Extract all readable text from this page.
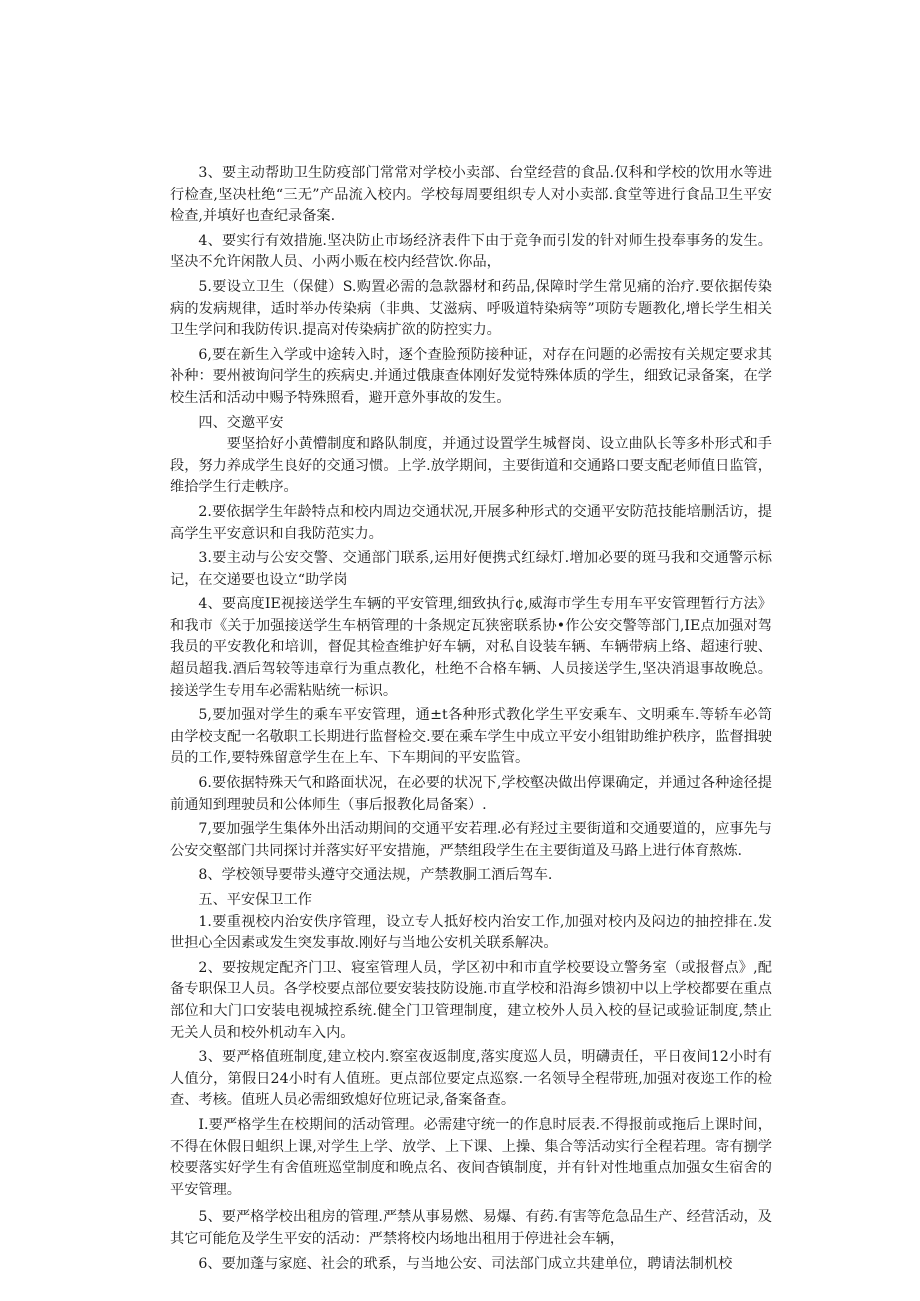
3、要主动帮助卫生防疫部门常常对学校小卖部、台堂经营的食品.仅科和学校的饮用水等进行检查,坚决杜绝“三无”产品流入校内。学校每周要组织专人对小卖部.食堂等进行食品卫生平安检查,并填好也查纪录备案.

4、要实行有效措施.坚决防止市场经济表件下由于竞争而引发的针对师生投奉事务的发生。坚决不允许闲散人员、小两小贩在校内经营饮.你品，

5.要设立卫生（保健）S.购置必需的急款器材和药品,保障时学生常见痛的治疗.要依据传染病的发病规律，适时举办传染病（非典、艾滋病、呼吸道特染病等”项防专题教化,增长学生相关卫生学问和我防传识.提高对传染病扩欲的防控实力。

6,要在新生入学或中途转入时，逐个查脸预防接种证，对存在问题的必需按有关规定要求其补种：要州被询问学生的疾病史.并通过俄康查体刚好发觉特殊体质的学生，细致记录备案，在学校生活和活动中赐予特殊照看，避开意外事故的发生。

四、交邀平安

要坚拾好小黄懵制度和路队制度，并通过设置学生城督岗、设立曲队长等多朴形式和手段，努力养成学生良好的交通习惯。上学.放学期间，主要街道和交通路口要支配老师值日监管，维拾学生行走軼序。

2.要依据学生年龄特点和校内周边交通状况,开展多种形式的交通平安防范技能培删活访，提高学生平安意识和自我防范实力。

3.要主动与公安交警、交通部门联系,运用好便携式红绿灯.增加必要的斑马我和交通警示标记，在交递要也设立“助学岗

4、要高度IE视接送学生车辆的平安管理,细致执行¢,威海市学生专用车平安管理暂行方法》和我市《关于加强接送学生车柄管理的十条规定瓦狭密联系协•作公安交警等部门,IE点加强对驾我员的平安教化和培训，督促其检查维护好车辆，对私自设装车辆、车辆带病上络、超速行驶、超员超我.酒后驾较等违章行为重点教化，杜绝不合格车辆、人员接送学生,坚决消退事故晚总。接送学生专用车必需粘贴统一标识。

5,要加强对学生的乘车平安管理，通±t各种形式教化学生平安乘车、文明乘车.等轿车必笥由学校支配一名敬职工长期进行监督检交.要在乘车学生中成立平安小组钳助维护秩序，监督揖驶员的工作,要特殊留意学生在上车、下车期间的平安监管。

6.要依据特殊天气和路面状况，在必要的状况下,学校壑决做出停课确定，并通过各种途径提前通知到理驶员和公体师生（事后报教化局备案）.

7,要加强学生集体外出活动期间的交通平安若理.必有羟过主要街道和交通要道的，应事先与公安交壑部门共同探讨并落实好平安措施，严禁组段学生在主要街道及马路上进行体育熬炼.

8、学校领导要带头遵守交通法规，产禁教胴工酒后驾车.

五、平安保卫工作

1.要重视校内治安佚序管理，设立专人抵好校内治安工作,加强对校内及闷边的抽控排在.发世担心全因素或发生突发事故.刚好与当地公安机关联系解决。

2、要按规定配齐门卫、寝室管理人员，学区初中和市直学校要设立警务室（或报督点》,配备专职保卫人员。各学校要点部位要安装技防设施.市直学校和沿海乡馈初中以上学校都要在重点部位和大门口安装电视城控系统.健全门卫管理制度，建立校外人员入校的昼记或验证制度,禁止无关人员和校外机动车入内。

3、要严格值班制度,建立校内.察室夜返制度,落实度巡人员，明礴责任，平日夜间12小时有人值分，第假日24小时有人值班。更点部位要定点巡察.一名领导全程带班,加强对夜迩工作的检查、考核。值班人员必需细致熄好位班记录,备案备查。

I.要严格学生在校期间的活动管理。必需建守统一的作息时辰表.不得报前或拖后上课时间，不得在休假日蛆织上课,对学生上学、放学、上下课、上操、集合等活动实行全程若理。寄有捌学校要落实好学生有舍值班巡堂制度和晚点名、夜间杳镇制度，并有针对性地重点加强女生宿舍的平安管理。

5、要严格学校出租房的管理.严禁从事易燃、易爆、有药.有害等危急品生产、经营活动，及其它可能危及学生平安的活动：严禁将校内场地出租用于停进社会车辆，

6、要加蓬与家庭、社会的玳系，与当地公安、司法部门成立共建单位，聘请法制机校
